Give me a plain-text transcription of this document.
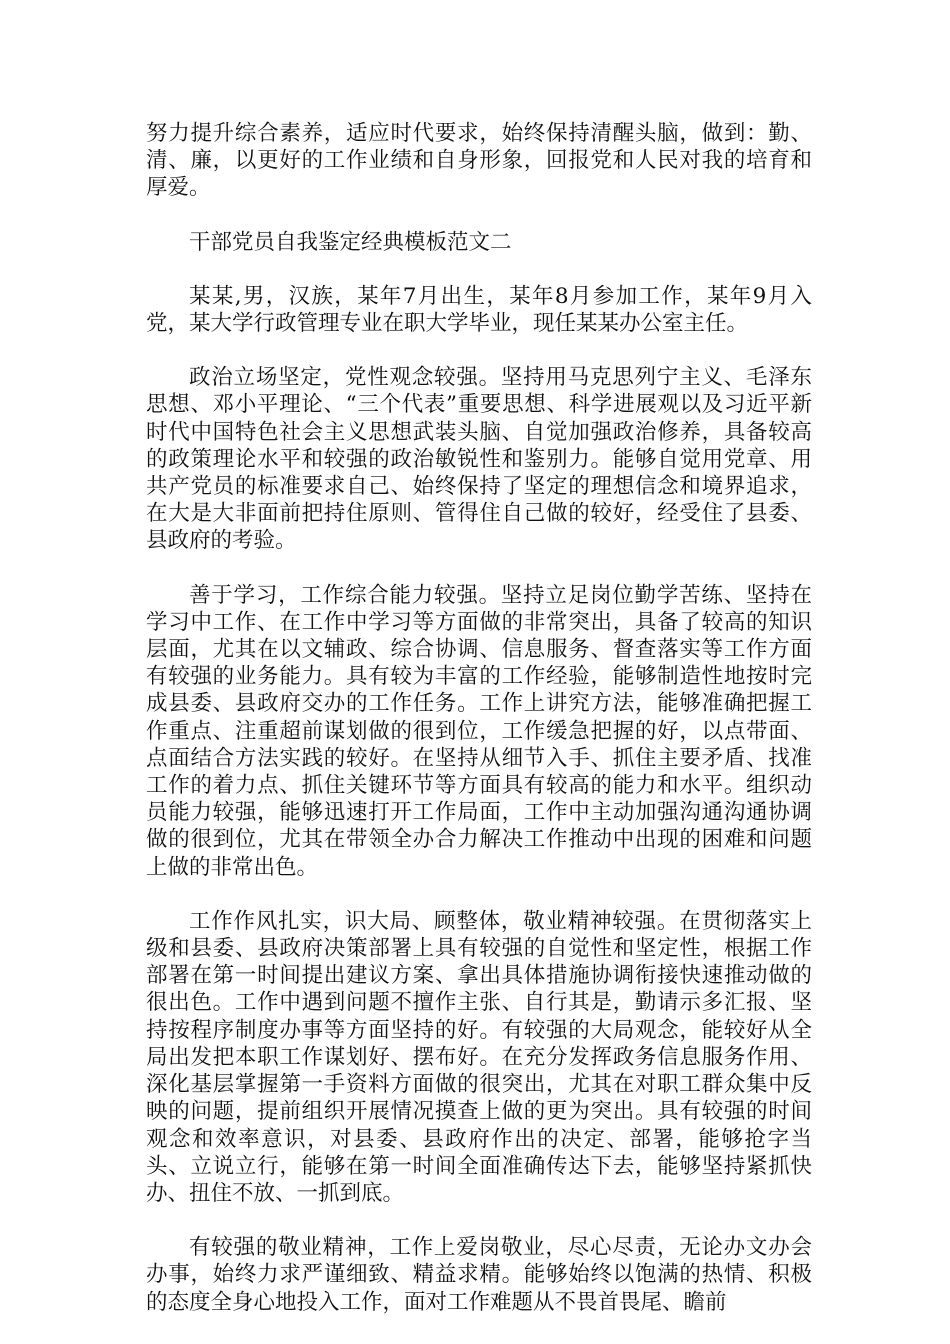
努力提升综合素养，适应时代要求，始终保持清醒头脑，做到：勤、清、廉，以更好的工作业绩和自身形象，回报党和人民对我的培育和厚爱。

干部党员自我鉴定经典模板范文二

某某,男，汉族，某年7月出生，某年8月参加工作，某年9月入党，某大学行政管理专业在职大学毕业，现任某某办公室主任。

政治立场坚定，党性观念较强。坚持用马克思列宁主义、毛泽东思想、邓小平理论、“三个代表”重要思想、科学进展观以及习近平新时代中国特色社会主义思想武装头脑、自觉加强政治修养，具备较高的政策理论水平和较强的政治敏锐性和鉴别力。能够自觉用党章、用共产党员的标准要求自己、始终保持了坚定的理想信念和境界追求，在大是大非面前把持住原则、管得住自己做的较好，经受住了县委、县政府的考验。

善于学习，工作综合能力较强。坚持立足岗位勤学苦练、坚持在学习中工作、在工作中学习等方面做的非常突出，具备了较高的知识层面，尤其在以文辅政、综合协调、信息服务、督查落实等工作方面有较强的业务能力。具有较为丰富的工作经验，能够制造性地按时完成县委、县政府交办的工作任务。工作上讲究方法，能够准确把握工作重点、注重超前谋划做的很到位，工作缓急把握的好，以点带面、点面结合方法实践的较好。在坚持从细节入手、抓住主要矛盾、找准工作的着力点、抓住关键环节等方面具有较高的能力和水平。组织动员能力较强，能够迅速打开工作局面，工作中主动加强沟通沟通协调做的很到位，尤其在带领全办合力解决工作推动中出现的困难和问题上做的非常出色。

工作作风扎实，识大局、顾整体，敬业精神较强。在贯彻落实上级和县委、县政府决策部署上具有较强的自觉性和坚定性，根据工作部署在第一时间提出建议方案、拿出具体措施协调衔接快速推动做的很出色。工作中遇到问题不擅作主张、自行其是，勤请示多汇报、坚持按程序制度办事等方面坚持的好。有较强的大局观念，能较好从全局出发把本职工作谋划好、摆布好。在充分发挥政务信息服务作用、深化基层掌握第一手资料方面做的很突出，尤其在对职工群众集中反映的问题，提前组织开展情况摸查上做的更为突出。具有较强的时间观念和效率意识，对县委、县政府作出的决定、部署，能够抢字当头、立说立行，能够在第一时间全面准确传达下去，能够坚持紧抓快办、扭住不放、一抓到底。

有较强的敬业精神，工作上爱岗敬业，尽心尽责，无论办文办会办事，始终力求严谨细致、精益求精。能够始终以饱满的热情、积极的态度全身心地投入工作，面对工作难题从不畏首畏尾、瞻前
